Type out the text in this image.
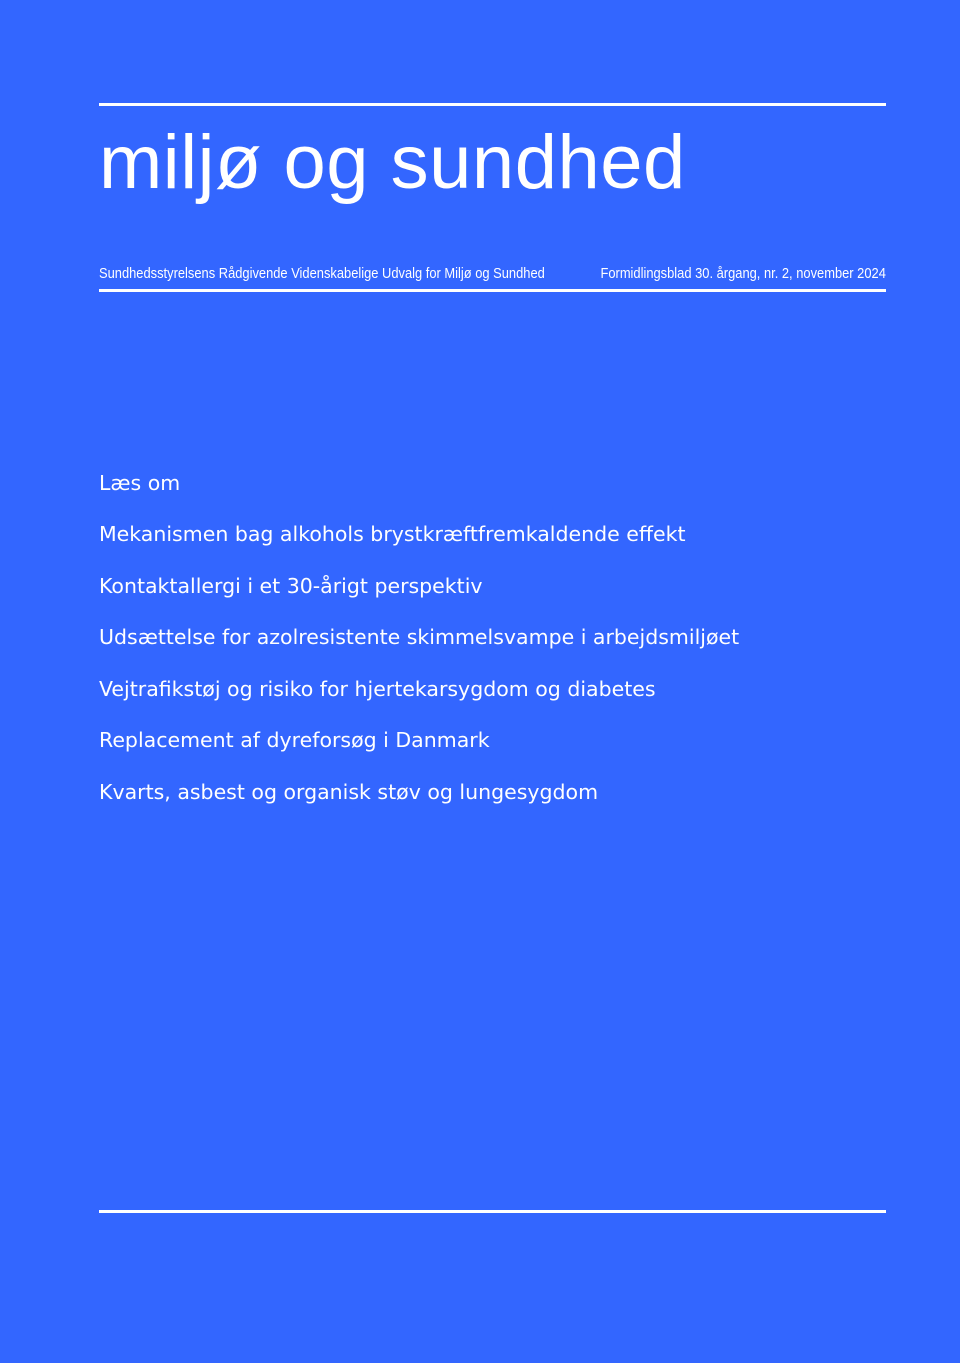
miljø og sundhed
Sundhedsstyrelsens Rådgivende Videnskabelige Udvalg for Miljø og Sundhed	Formidlingsblad 30. årgang, nr. 2, november 2024
Læs om
Mekanismen bag alkohols brystkræftfremkaldende effekt
Kontaktallergi i et 30-årigt perspektiv
Udsættelse for azolresistente skimmelsvampe i arbejdsmiljøet
Vejtrafikstøj og risiko for hjertekarsygdom og diabetes
Replacement af dyreforsøg i Danmark
Kvarts, asbest og organisk støv og lungesygdom
